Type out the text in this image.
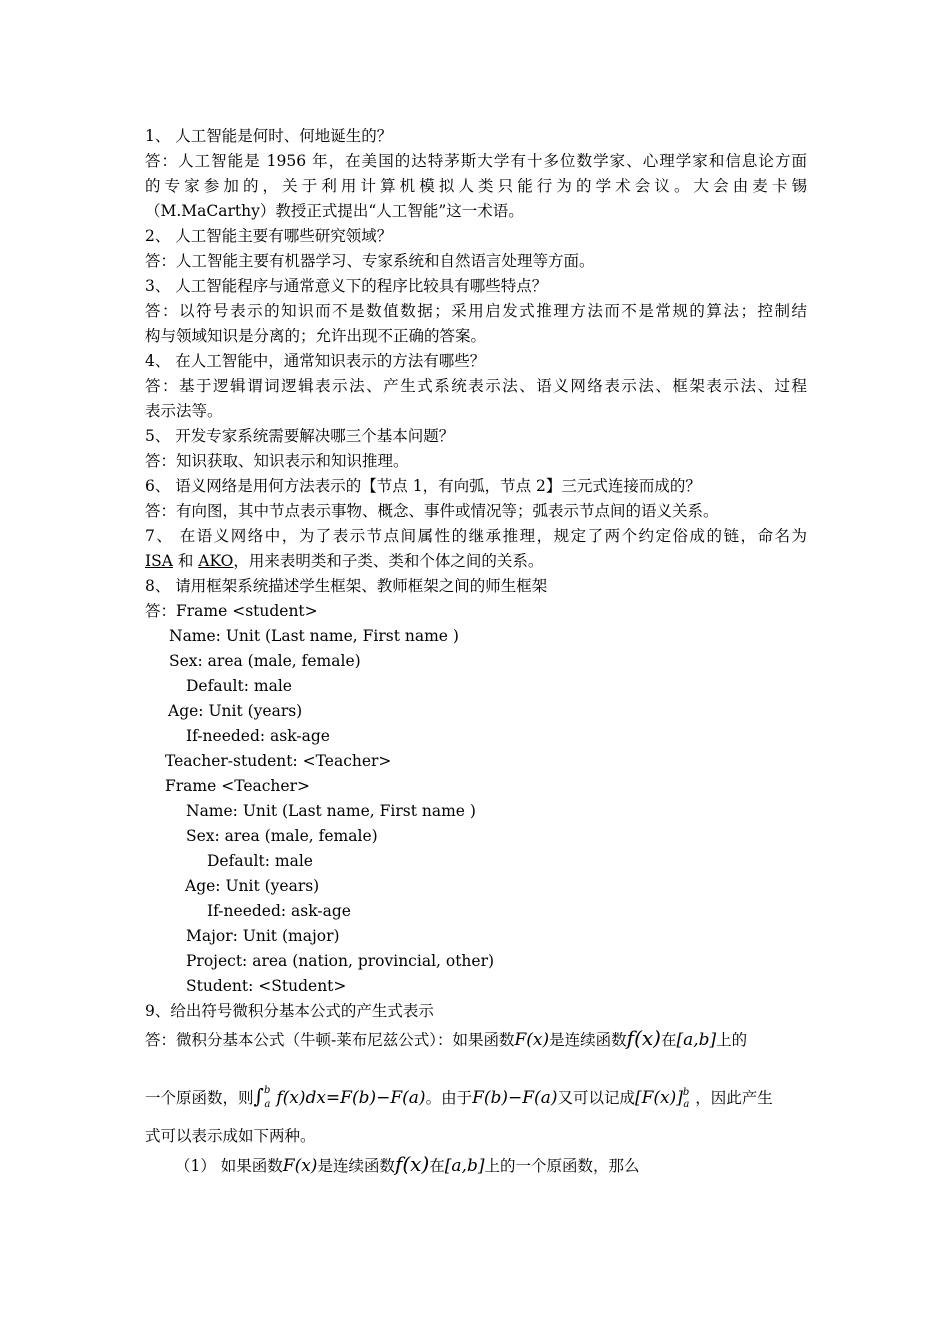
1、 人工智能是何时、何地诞生的？
答：人工智能是 1956 年，在美国的达特茅斯大学有十多位数学家、心理学家和信息论方面
的专家参加的，关于利用计算机模拟人类只能行为的学术会议。大会由麦卡锡
（M.MaCarthy）教授正式提出“人工智能”这一术语。
2、 人工智能主要有哪些研究领域？
答：人工智能主要有机器学习、专家系统和自然语言处理等方面。
3、 人工智能程序与通常意义下的程序比较具有哪些特点？
答：以符号表示的知识而不是数值数据；采用启发式推理方法而不是常规的算法；控制结
构与领域知识是分离的；允许出现不正确的答案。
4、 在人工智能中，通常知识表示的方法有哪些？
答：基于逻辑谓词逻辑表示法、产生式系统表示法、语义网络表示法、框架表示法、过程
表示法等。
5、 开发专家系统需要解决哪三个基本问题？
答：知识获取、知识表示和知识推理。
6、 语义网络是用何方法表示的【节点 1，有向弧，节点 2】三元式连接而成的？
答：有向图，其中节点表示事物、概念、事件或情况等；弧表示节点间的语义关系。
7、 在语义网络中，为了表示节点间属性的继承推理，规定了两个约定俗成的链，命名为
ISA 和 AKO，用来表明类和子类、类和个体之间的关系。
8、 请用框架系统描述学生框架、教师框架之间的师生框架
答：Frame <student>
Name: Unit (Last name, First name )
Sex: area (male, female)
Default: male
Age: Unit (years)
If-needed: ask-age
Teacher-student: <Teacher>
Frame <Teacher>
Name: Unit (Last name, First name )
Sex: area (male, female)
Default: male
Age: Unit (years)
If-needed: ask-age
Major: Unit (major)
Project: area (nation, provincial, other)
Student: <Student>
9、给出符号微积分基本公式的产生式表示
答：微积分基本公式（牛顿-莱布尼兹公式）：如果函数F(x)是连续函数f(x)在[a,b]上的
一个原函数，则∫$^b_a$ f(x)dx=F(b)−F(a)。由于F(b)−F(a)又可以记成$[F(x)]^b_a$ ，因此产生
式可以表示成如下两种。
（1） 如果函数F(x)是连续函数f(x)在[a,b]上的一个原函数，那么
